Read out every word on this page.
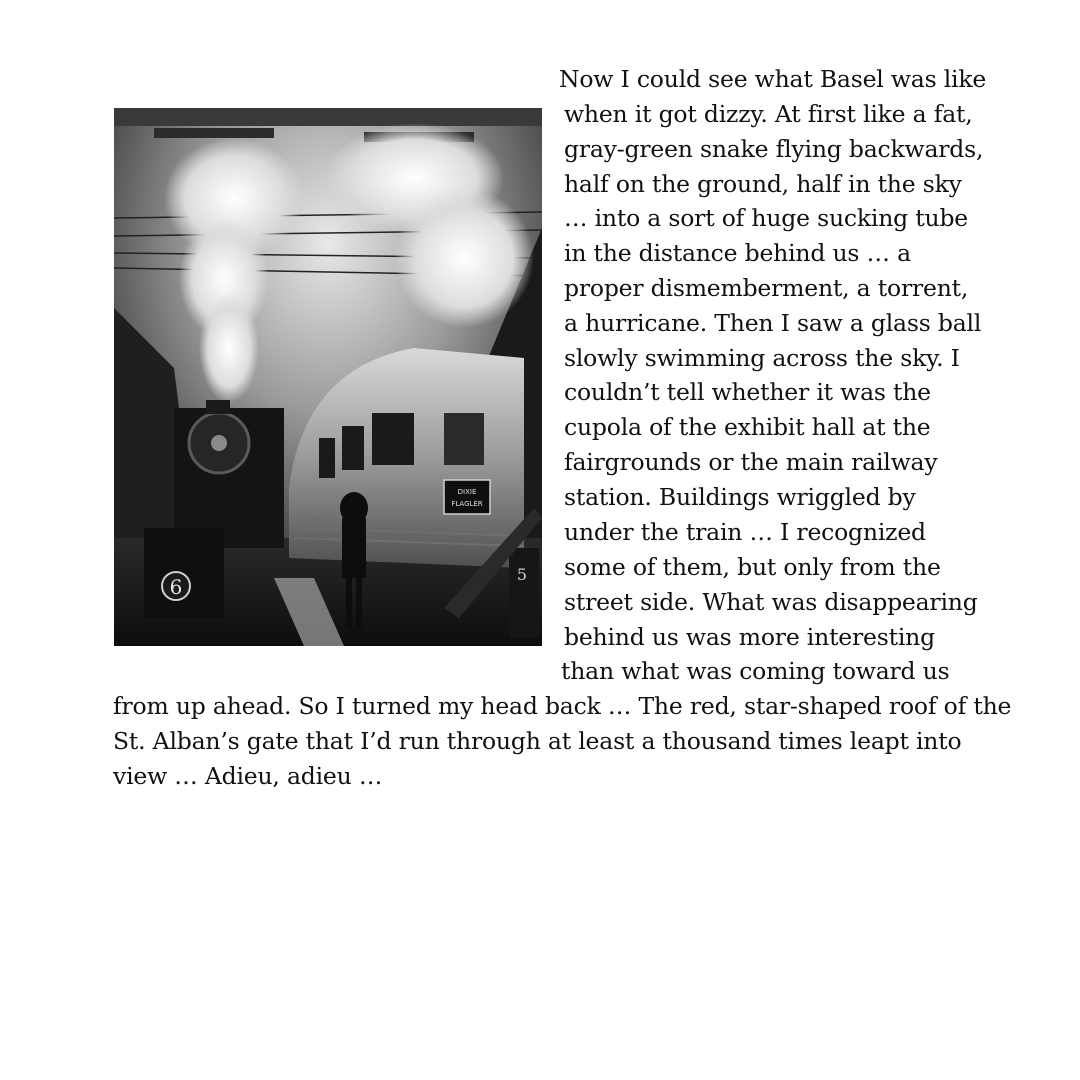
6
DIXIE
FLAGLER
5
Now I could see what Basel was like
when it got dizzy. At first like a fat,
gray-green snake flying backwards,
half on the ground, half in the sky
… into a sort of huge sucking tube
in the distance behind us … a
proper dismemberment, a torrent,
a hurricane. Then I saw a glass ball
slowly swimming across the sky. I
couldn’t tell whether it was the
cupola of the exhibit hall at the
fairgrounds or the main railway
station. Buildings wriggled by
under the train … I recognized
some of them, but only from the
street side. What was disappearing
behind us was more interesting
than what was coming toward us
from up ahead. So I turned my head back … The red, star-shaped roof of the
St. Alban’s gate that I’d run through at least a thousand times leapt into
view … Adieu, adieu …
